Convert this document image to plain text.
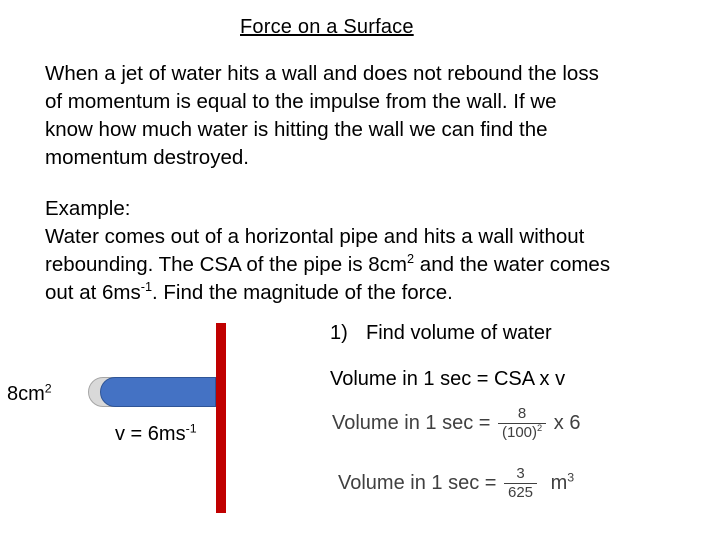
Force on a Surface
When a jet of water hits a wall and does not rebound the loss
of momentum is equal to the impulse from the wall. If we
know how much water is hitting the wall we can find the
momentum destroyed.
Example:
Water comes out of a horizontal pipe and hits a wall without
rebounding. The CSA of the pipe is $8cm^2$ and the water comes
out at $6ms^{-1}$. Find the magnitude of the force.
1) Find volume of water
Volume in 1 sec = CSA x v
Volume in 1 $\sec = \frac{8}{(100)^2}$ x 6
Volume in 1 $\sec = \frac{3}{625} m^3$
$8cm^2$
$v = 6ms^{-1}$
